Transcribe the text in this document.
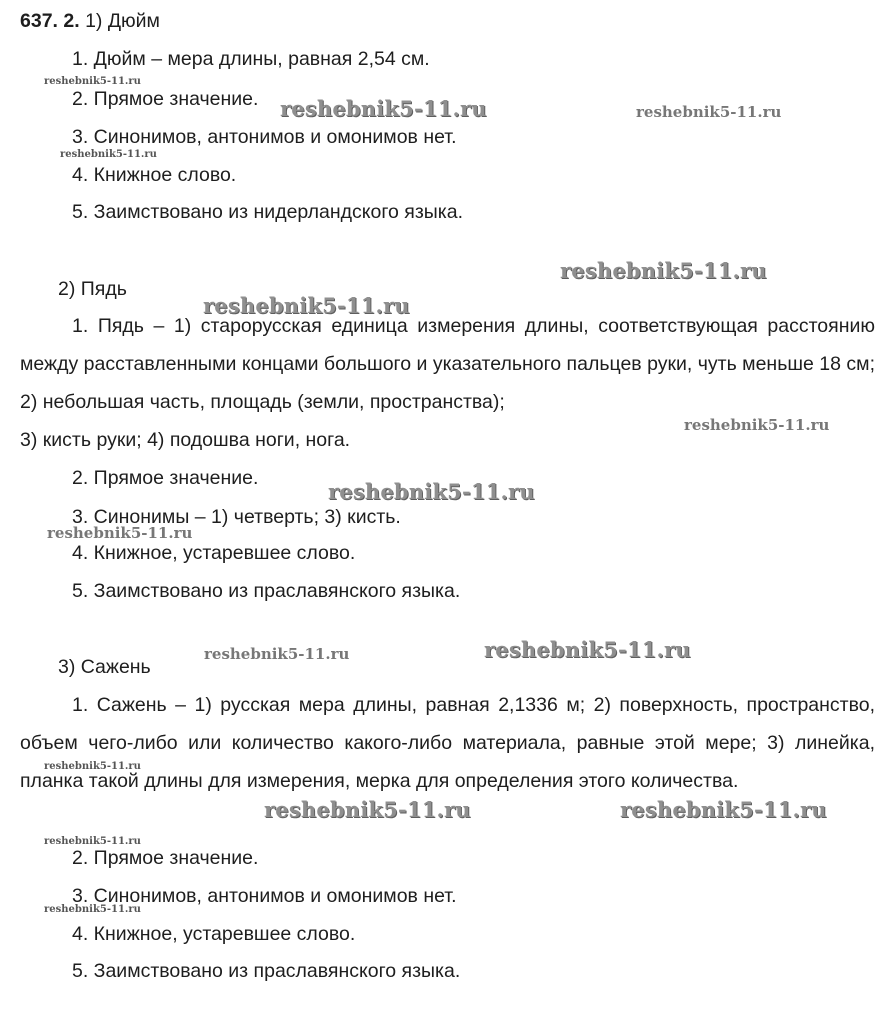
637. 2. 1) Дюйм

1. Дюйм – мера длины, равная 2,54 см.

2. Прямое значение.

3. Синонимов, антонимов и омонимов нет.

4. Книжное слово.

5. Заимствовано из нидерландского языка.

2) Пядь

1. Пядь – 1) старорусская единица измерения длины, соответствующая расстоянию между расставленными концами большого и указательного пальцев руки, чуть меньше 18 см; 2) небольшая часть, площадь (земли, пространства);

3) кисть руки; 4) подошва ноги, нога.

2. Прямое значение.

3. Синонимы – 1) четверть; 3) кисть.

4. Книжное, устаревшее слово.

5. Заимствовано из праславянского языка.

3) Сажень

1. Сажень – 1) русская мера длины, равная 2,1336 м; 2) поверхность, пространство, объем чего-либо или количество какого-либо материала, равные этой мере; 3) линейка, планка такой длины для измерения, мерка для определения этого количества.

2. Прямое значение.

3. Синонимов, антонимов и омонимов нет.

4. Книжное, устаревшее слово.

5. Заимствовано из праславянского языка.

reshebnik5-11.ru
reshebnik5-11.ru	reshebnik5-11.ru
reshebnik5-11.ru
reshebnik5-11.ru
reshebnik5-11.ru
reshebnik5-11.ru
reshebnik5-11.ru
reshebnik5-11.ru
reshebnik5-11.ru	reshebnik5-11.ru
reshebnik5-11.ru
reshebnik5-11.ru	reshebnik5-11.ru
reshebnik5-11.ru
reshebnik5-11.ru
